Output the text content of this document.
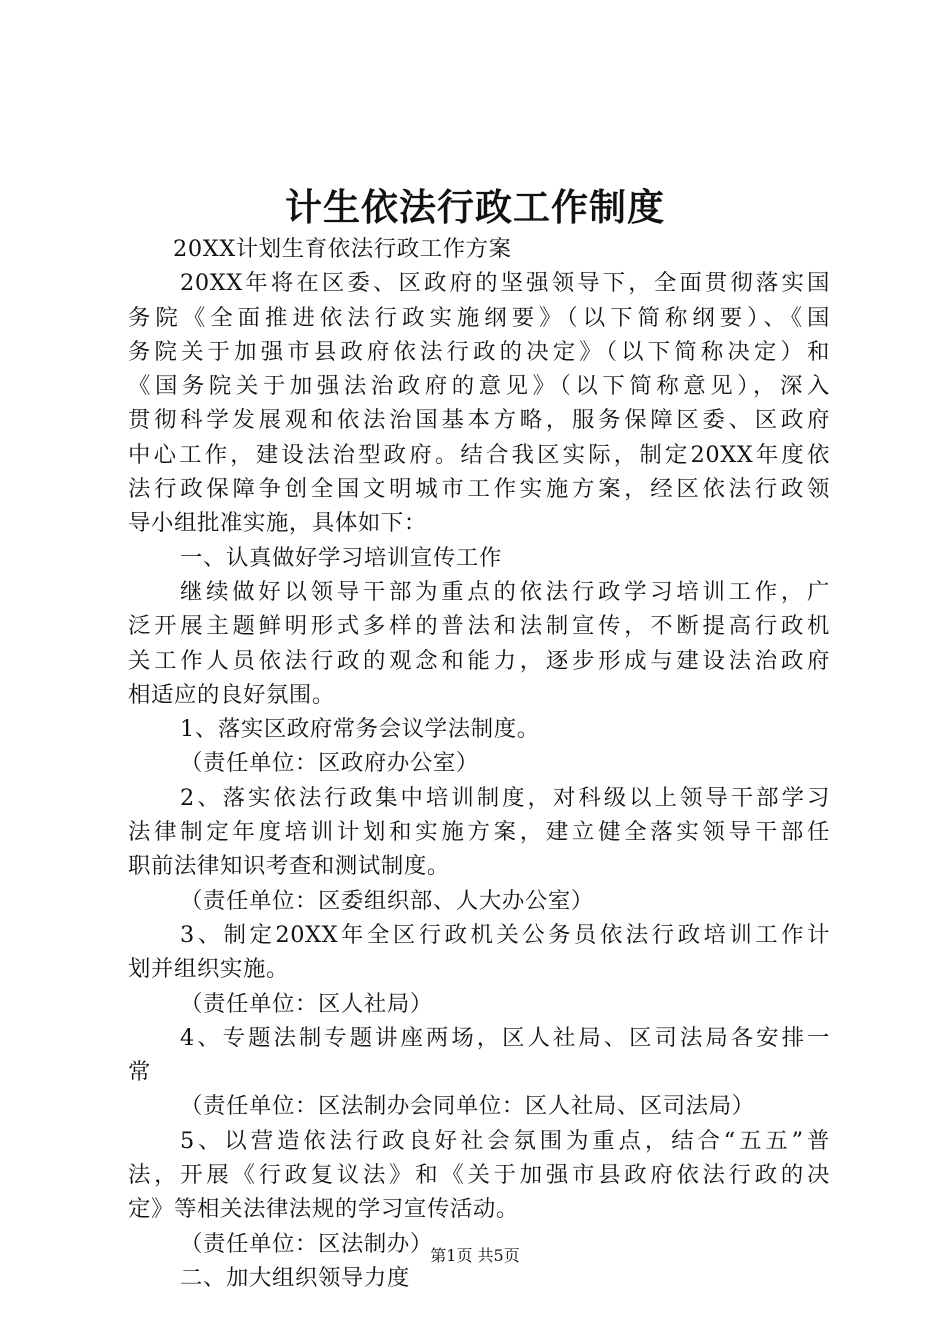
计生依法行政工作制度

20XX计划生育依法行政工作方案

20XX年将在区委、区政府的坚强领导下，全面贯彻落实国

务院《全面推进依法行政实施纲要》（以下简称纲要）、《国

务院关于加强市县政府依法行政的决定》（以下简称决定）和

《国务院关于加强法治政府的意见》（以下简称意见），深入

贯彻科学发展观和依法治国基本方略，服务保障区委、区政府

中心工作，建设法治型政府。结合我区实际，制定20XX年度依

法行政保障争创全国文明城市工作实施方案，经区依法行政领

导小组批准实施，具体如下：

一、认真做好学习培训宣传工作

继续做好以领导干部为重点的依法行政学习培训工作，广

泛开展主题鲜明形式多样的普法和法制宣传，不断提高行政机

关工作人员依法行政的观念和能力，逐步形成与建设法治政府

相适应的良好氛围。

1、落实区政府常务会议学法制度。

（责任单位：区政府办公室）

2、落实依法行政集中培训制度，对科级以上领导干部学习

法律制定年度培训计划和实施方案，建立健全落实领导干部任

职前法律知识考查和测试制度。

（责任单位：区委组织部、人大办公室）

3、制定20XX年全区行政机关公务员依法行政培训工作计

划并组织实施。

（责任单位：区人社局）

4、专题法制专题讲座两场，区人社局、区司法局各安排一

常

（责任单位：区法制办会同单位：区人社局、区司法局）

5、以营造依法行政良好社会氛围为重点，结合“五五”普

法，开展《行政复议法》和《关于加强市县政府依法行政的决

定》等相关法律法规的学习宣传活动。

（责任单位：区法制办）

二、加大组织领导力度

第1页 共5页
